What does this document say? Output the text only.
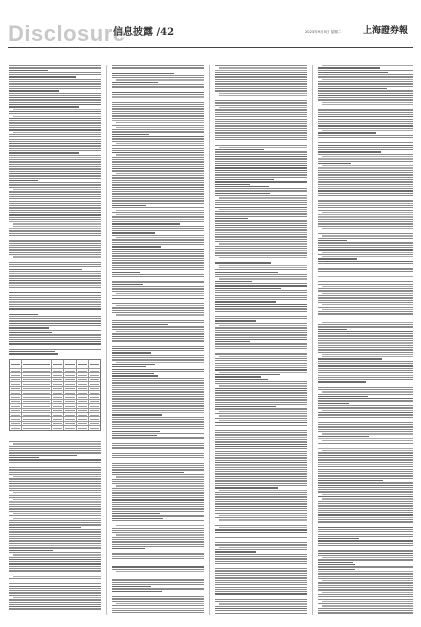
Disclosure
信息披露 /42	2023年9月5日 星期二 上海證券報
